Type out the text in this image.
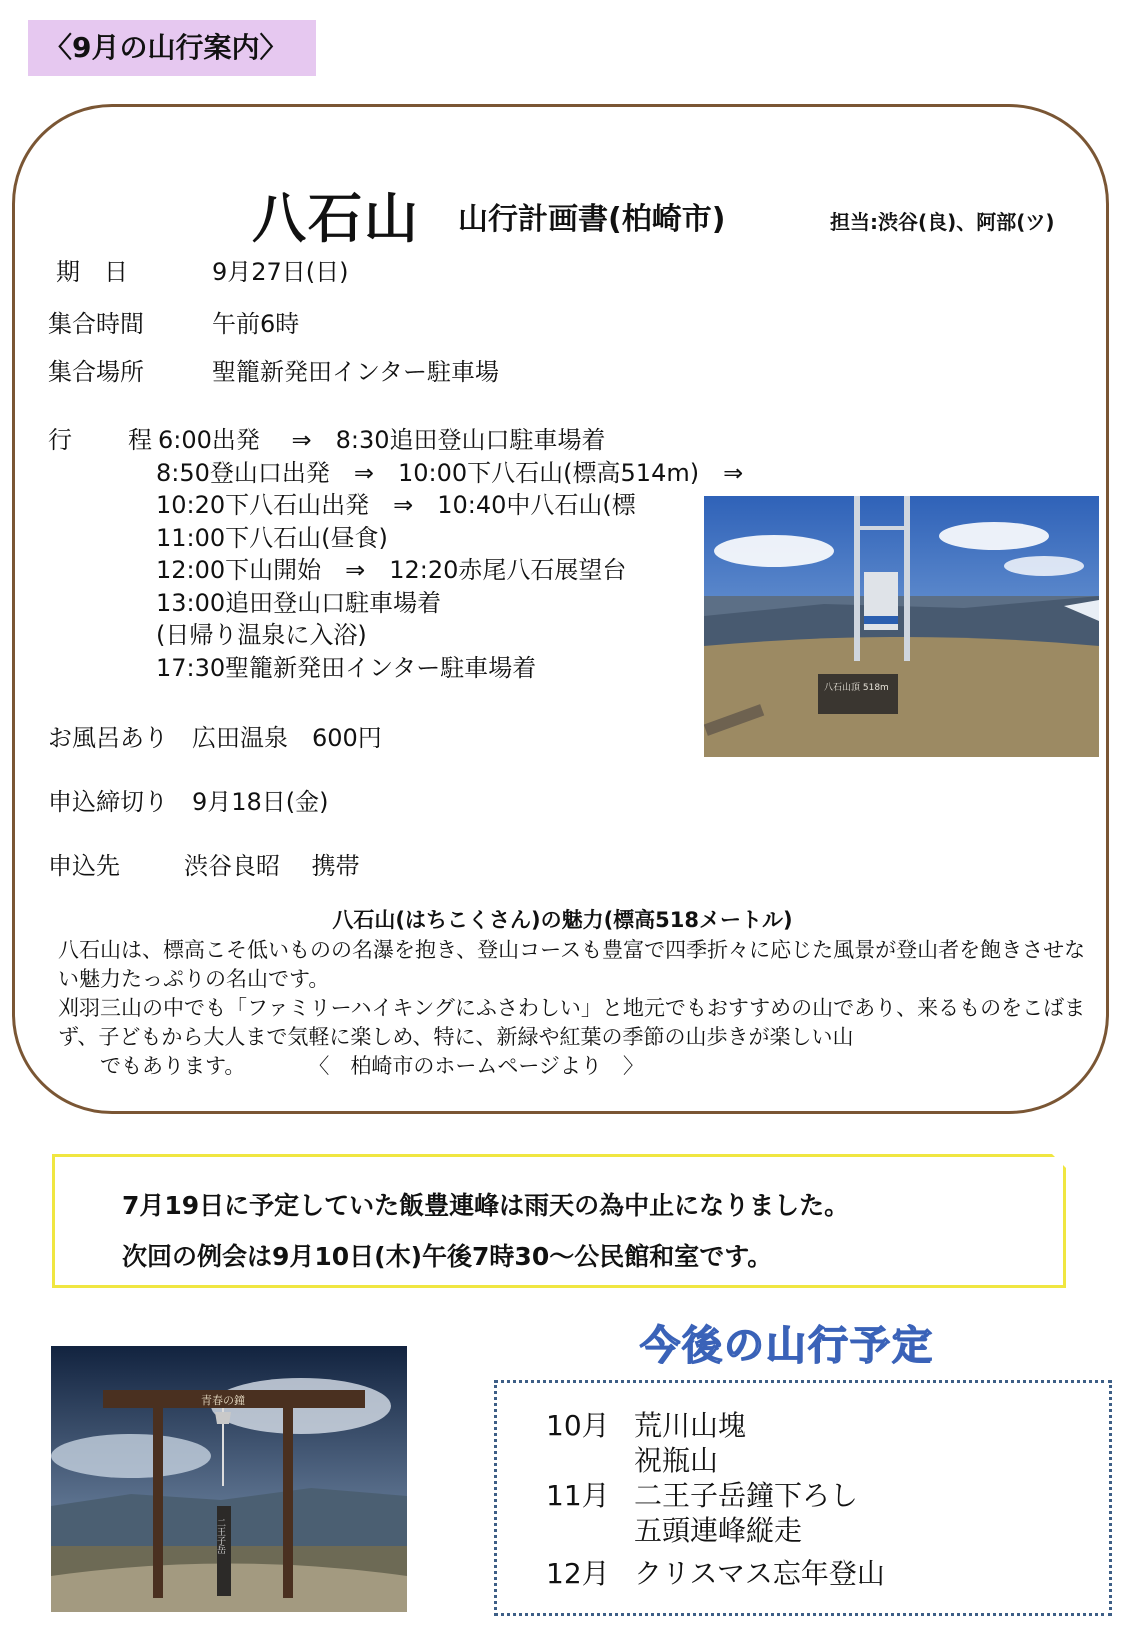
〈9月の山行案内〉
八石山 山行計画書(柏崎市)	担当:渋谷(良)、阿部(ツ)
期　日	9月27日(日)
集合時間	午前6時
集合場所	聖籠新発田インター駐車場
行　程6:00出発　 ⇒　8:30追田登山口駐車場着
8:50登山口出発　⇒　10:00下八石山(標高514m)　⇒
10:20下八石山出発　⇒　10:40中八石山(標
11:00下八石山(昼食)
12:00下山開始　⇒　12:20赤尾八石展望台
13:00追田登山口駐車場着
(日帰り温泉に入浴)
17:30聖籠新発田インター駐車場着
八石山頂 518m
お風呂あり　広田温泉　600円
申込締切り　9月18日(金)
申込先	渋谷良昭　 携帯
八石山(はちこくさん)の魅力(標高518メートル)

八石山は、標高こそ低いものの名瀑を抱き、登山コースも豊富で四季折々に応じた風景が登山者を飽きさせない魅力たっぷりの名山です。

刈羽三山の中でも「ファミリーハイキングにふさわしい」と地元でもおすすめの山であり、来るものをこばまず、子どもから大人まで気軽に楽しめ、特に、新緑や紅葉の季節の山歩きが楽しい山

　　でもあります。　　　　〈　柏崎市のホームページより　〉

7月19日に予定していた飯豊連峰は雨天の為中止になりました。
次回の例会は9月10日(木)午後7時30～公民館和室です。
青春の鐘
二王子岳
今後の山行予定
10月 荒川山塊
祝瓶山
11月 二王子岳鐘下ろし
五頭連峰縦走
12月 クリスマス忘年登山
